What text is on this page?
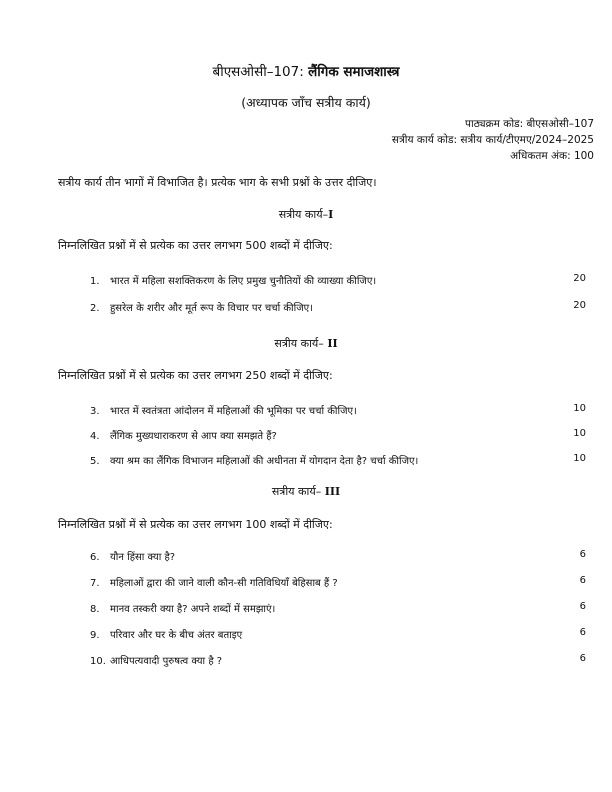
बीएसओसी–107: लैंगिक समाजशास्त्र
(अध्यापक जाँच सत्रीय कार्य)
पाठ्यक्रम कोड: बीएसओसी–107
सत्रीय कार्य कोड: सत्रीय कार्य/टीएमए/2024–2025
अधिकतम अंक: 100
सत्रीय कार्य तीन भागों में विभाजित है। प्रत्येक भाग के सभी प्रश्नों के उत्तर दीजिए।
सत्रीय कार्य–I
निम्नलिखित प्रश्नों में से प्रत्येक का उत्तर लगभग 500 शब्दों में दीजिए:
1. भारत में महिला सशक्तिकरण के लिए प्रमुख चुनौतियों की व्याख्या कीजिए।	20
2. हुसरेल के शरीर और मूर्त रूप के विचार पर चर्चा कीजिए।	20
सत्रीय कार्य– II
निम्नलिखित प्रश्नों में से प्रत्येक का उत्तर लगभग 250 शब्दों में दीजिए:
3. भारत में स्वतंत्रता आंदोलन में महिलाओं की भूमिका पर चर्चा कीजिए।	10
4. लैंगिक मुख्यधाराकरण से आप क्या समझते हैं?	10
5. क्या श्रम का लैंगिक विभाजन महिलाओं की अधीनता में योगदान देता है? चर्चा कीजिए।	10
सत्रीय कार्य– III
निम्नलिखित प्रश्नों में से प्रत्येक का उत्तर लगभग 100 शब्दों में दीजिए:
6. यौन हिंसा क्या है?	6
7. महिलाओं द्वारा की जाने वाली कौन-सी गतिविधियाँ बेहिसाब हैं ?	6
8. मानव तस्करी क्या है? अपने शब्दों में समझाएं।	6
9. परिवार और घर के बीच अंतर बताइए	6
10. आधिपत्यवादी पुरुषत्व क्या है ?	6
